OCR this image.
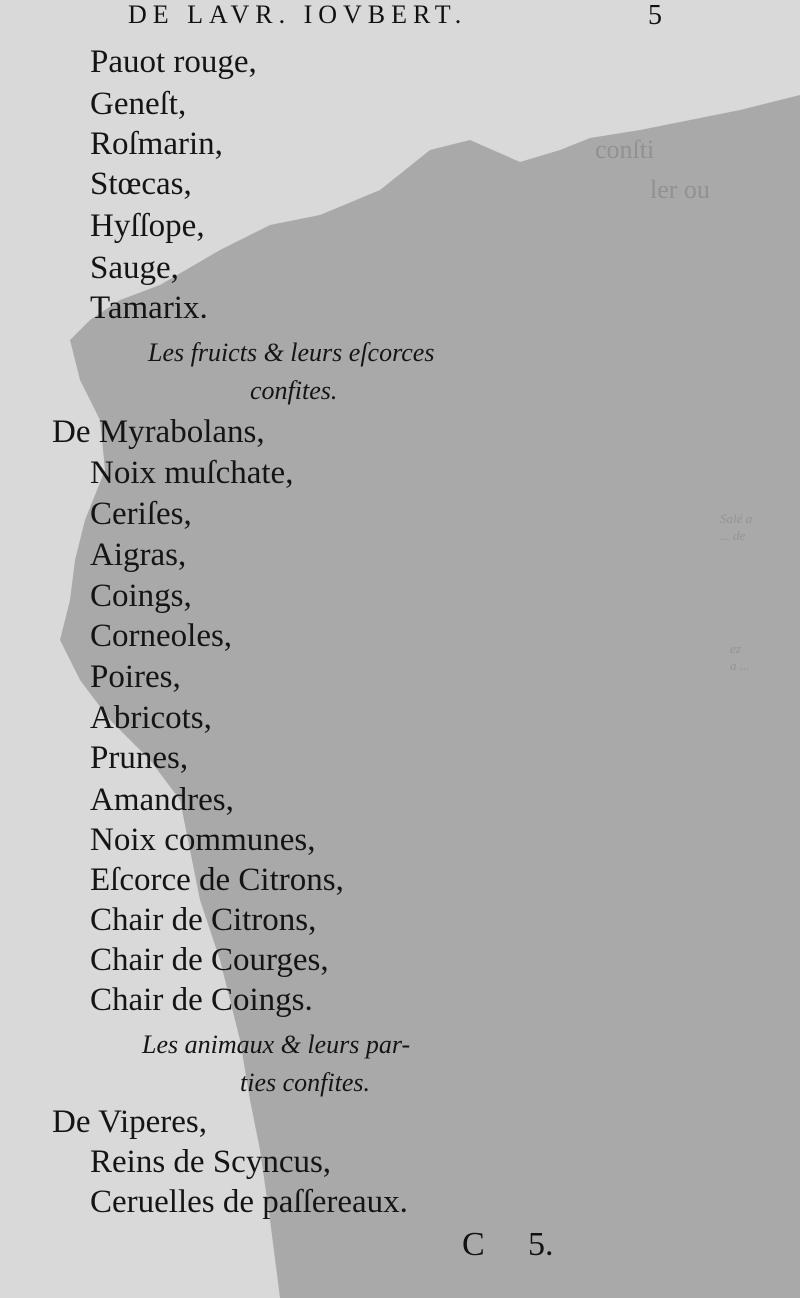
conſti
ler ou
Salé a
... de
ez
a ...
DE LAVR. IOVBERT.	5
Pauot rouge,
Geneſt,
Roſmarin,
Stœcas,
Hyſſope,
Sauge,
Tamarix.
Les fruicts & leurs eſcorces
confites.
De Myrabolans,
Noix muſchate,
Ceriſes,
Aigras,
Coings,
Corneoles,
Poires,
Abricots,
Prunes,
Amandres,
Noix communes,
Eſcorce de Citrons,
Chair de Citrons,
Chair de Courges,
Chair de Coings.
Les animaux & leurs par-
ties confites.
De Viperes,
Reins de Scyncus,
Ceruelles de paſſereaux.
C 5.
